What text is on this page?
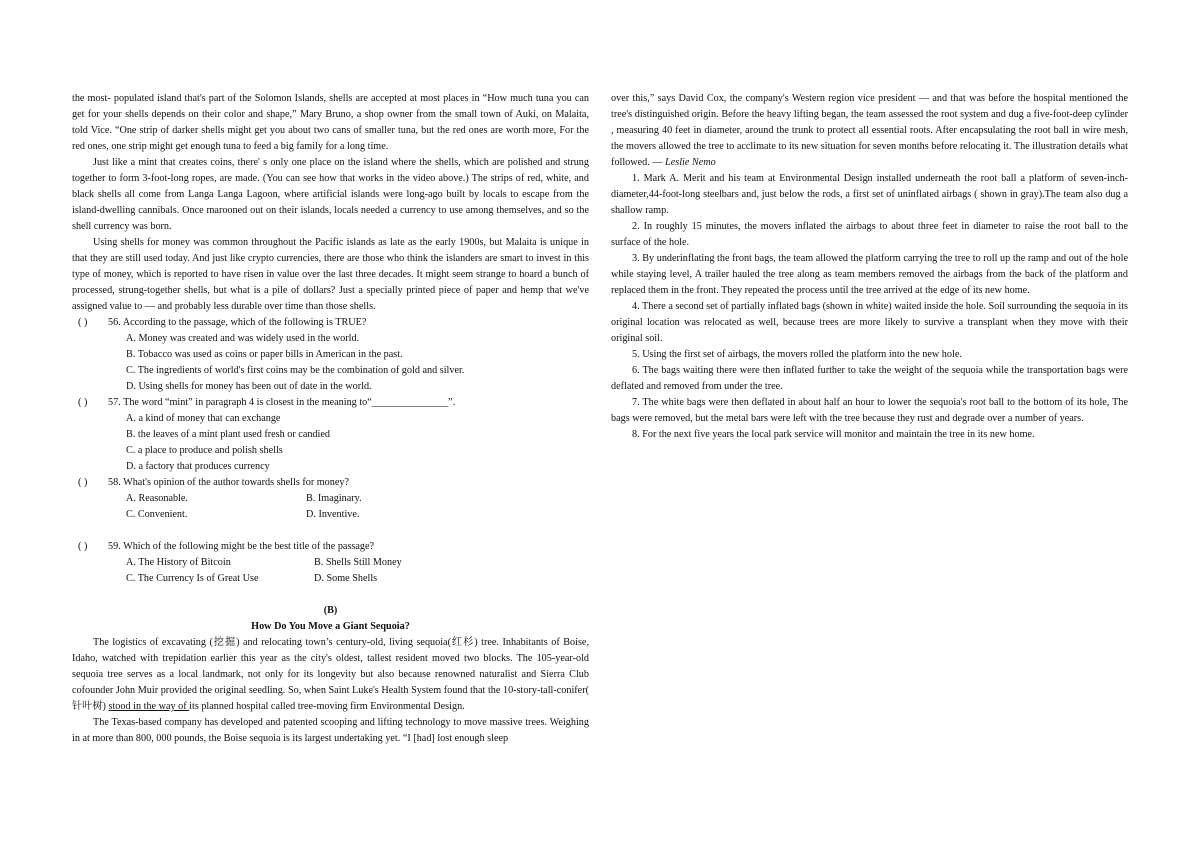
the most- populated island that's part of the Solomon Islands, shells are accepted at most places in “How much tuna you can get for your shells depends on their color and shape,” Mary Bruno, a shop owner from the small town of Auki, on Malaita, told Vice. “One strip of darker shells might get you about two cans of smaller tuna, but the red ones are worth more, For the red ones, one strip might get enough tuna to feed a big family for a long time.

Just like a mint that creates coins, there' s only one place on the island where the shells, which are polished and strung together to form 3-foot-long ropes, are made. (You can see how that works in the video above.) The strips of red, white, and black shells all come from Langa Langa Lagoon, where artificial islands were long-ago built by locals to escape from the island-dwelling cannibals. Once marooned out on their islands, locals needed a currency to use among themselves, and so the shell currency was born.

Using shells for money was common throughout the Pacific islands as late as the early 1900s, but Malaita is unique in that they are still used today. And just like crypto currencies, there are those who think the islanders are smart to invest in this type of money, which is reported to have risen in value over the last three decades. It might seem strange to hoard a bunch of processed, strung-together shells, but what is a pile of dollars? Just a specially printed piece of paper and hemp that we've assigned value to — and probably less durable over time than those shells.

( ) 56. According to the passage, which of the following is TRUE?

A. Money was created and was widely used in the world.

B. Tobacco was used as coins or paper bills in American in the past.

C. The ingredients of world's first coins may be the combination of gold and silver.

D. Using shells for money has been out of date in the world.

( ) 57. The word “mint” in paragraph 4 is closest in the meaning to“_______________”.

A. a kind of money that can exchange

B. the leaves of a mint plant used fresh or candied

C. a place to produce and polish shells

D. a factory that produces currency

( ) 58. What's opinion of the author towards shells for money?

A. Reasonable.	B. Imaginary.
C. Convenient.	D. Inventive.

( ) 59. Which of the following might be the best title of the passage?

A. The History of Bitcoin	B. Shells Still Money
C. The Currency Is of Great Use	D. Some Shells

(B)

How Do You Move a Giant Sequoia?

The logistics of excavating (挖掘) and relocating town’s century-old, living sequoia(红杉) tree. Inhabitants of Boise, Idaho, watched with trepidation earlier this year as the city's oldest, tallest resident moved two blocks. The 105-year-old sequoia tree serves as a local landmark, not only for its longevity but also because renowned naturalist and Sierra Club cofounder John Muir provided the original seedling. So, when Saint Luke's Health System found that the 10-story-tall-conifer( 针叶树) stood in the way of its planned hospital called tree-moving firm Environmental Design.

The Texas-based company has developed and patented scooping and lifting technology to move massive trees. Weighing in at more than 800, 000 pounds, the Boise sequoia is its largest undertaking yet. “I [had] lost enough sleep

over this,” says David Cox, the company's Western region vice president — and that was before the hospital mentioned the tree's distinguished origin. Before the heavy lifting began, the team assessed the root system and dug a five-foot-deep cylinder , measuring 40 feet in diameter, around the trunk to protect all essential roots. After encapsulating the root ball in wire mesh, the movers allowed the tree to acclimate to its new situation for seven months before relocating it. The illustration details what followed. — Leslie Nemo

1. Mark A. Merit and his team at Environmental Design installed underneath the root ball a platform of seven-inch-diameter,44-foot-long steelbars and, just below the rods, a first set of uninflated airbags ( shown in gray).The team also dug a shallow ramp.

2. In roughly 15 minutes, the movers inflated the airbags to about three feet in diameter to raise the root ball to the surface of the hole.

3. By underinflating the front bags, the team allowed the platform carrying the tree to roll up the ramp and out of the hole while staying level, A trailer hauled the tree along as team members removed the airbags from the back of the platform and replaced them in the front. They repeated the process until the tree arrived at the edge of its new home.

4. There a second set of partially inflated bags (shown in white) waited inside the hole. Soil surrounding the sequoia in its original location was relocated as well, because trees are more likely to survive a transplant when they move with their original soil.

5. Using the first set of airbags, the movers rolled the platform into the new hole.

6. The bags waiting there were then inflated further to take the weight of the sequoia while the transportation bags were deflated and removed from under the tree.

7. The white bags were then deflated in about half an hour to lower the sequoia's root ball to the bottom of its hole, The bags were removed, but the metal bars were left with the tree because they rust and degrade over a number of years.

8. For the next five years the local park service will monitor and maintain the tree in its new home.
